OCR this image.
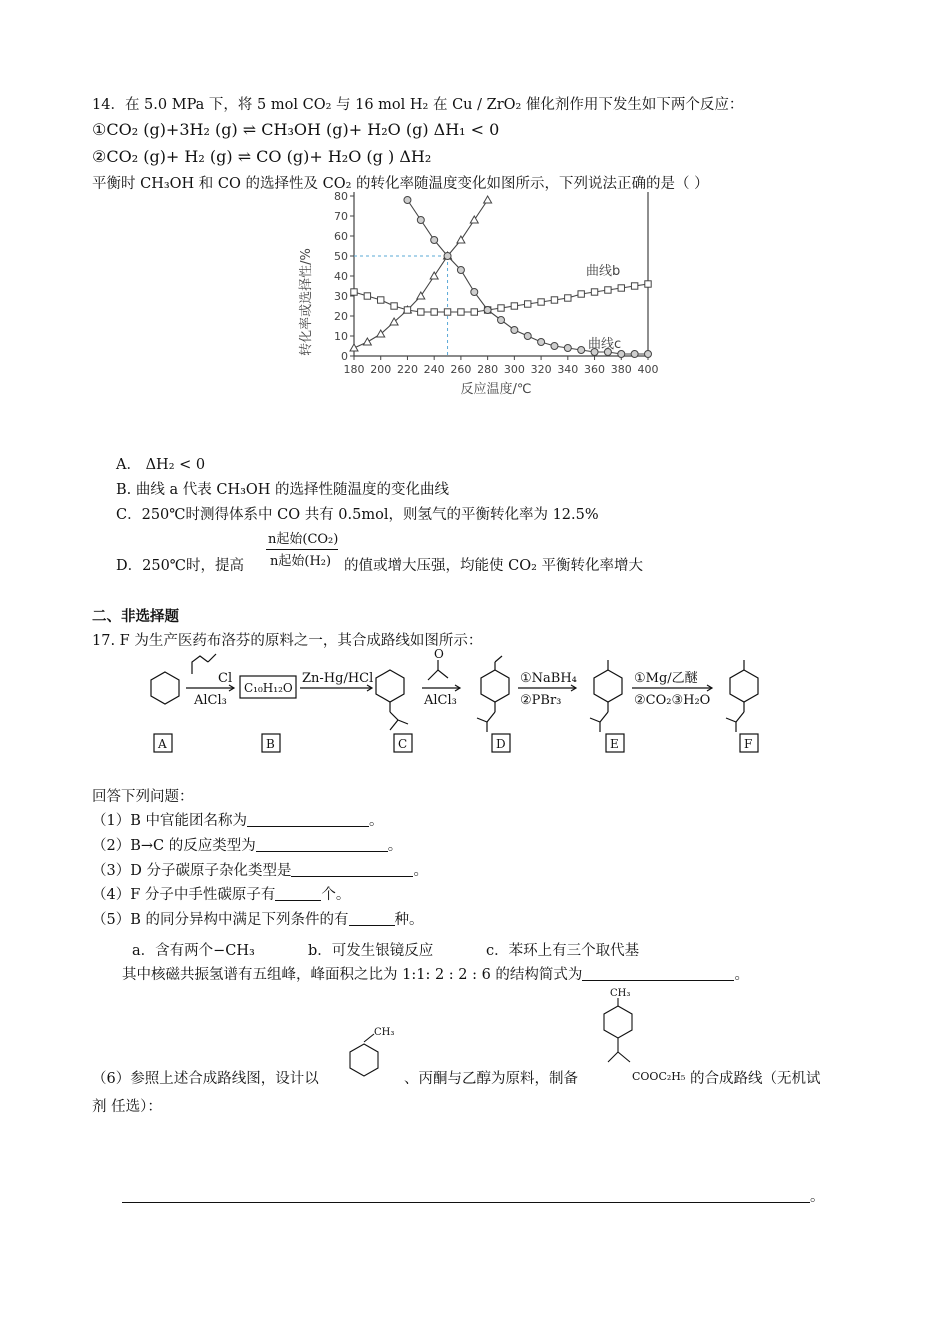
14．在 5.0 MPa 下，将 5 mol CO₂ 与 16 mol H₂ 在 Cu / ZrO₂ 催化剂作用下发生如下两个反应：
①CO₂ (g)+3H₂ (g) ⇌ CH₃OH (g)+ H₂O (g) ΔH₁ < 0
②CO₂ (g)+ H₂ (g) ⇌ CO (g)+ H₂O (g ) ΔH₂
平衡时 CH₃OH 和 CO 的选择性及 CO₂ 的转化率随温度变化如图所示，下列说法正确的是（ ）
0
10
20
30
40
50
60
70
80
180 200 220 240 260 280 300 320 340 360 380 400
转化率或选择性/%
反应温度/℃
曲线b
曲线c
A． ΔH₂ < 0
B. 曲线 a 代表 CH₃OH 的选择性随温度的变化曲线
C．250℃时测得体系中 CO 共有 0.5mol，则氢气的平衡转化率为 12.5%
D．250℃时，提高
n起始(CO₂)
n起始(H₂) 的值或增大压强，均能使 CO₂ 平衡转化率增大
二、非选择题
17. F 为生产医药布洛芬的原料之一，其合成路线如图所示：
Cl
AlCl₃
C₁₀H₁₂O
Zn-Hg/HCl
O
AlCl₃
①NaBH₄
②PBr₃
①Mg/乙醚
②CO₂③H₂O
A	B	C	D	E	F
回答下列问题：
（1）B 中官能团名称为	。
（2）B→C 的反应类型为	。
（3）D 分子碳原子杂化类型是	。
（4）F 分子中手性碳原子有	个。
（5）B 的同分异构中满足下列条件的有	种。
a．含有两个−CH₃	b．可发生银镜反应	c．苯环上有三个取代基
其中核磁共振氢谱有五组峰，峰面积之比为 1:1: 2 : 2 : 6 的结构简式为	。
CH₃
CH₃
COOC₂H₅
（6）参照上述合成路线图，设计以	、丙酮与乙醇为原料，制备	的合成路线（无机试
剂 任选）：
。
